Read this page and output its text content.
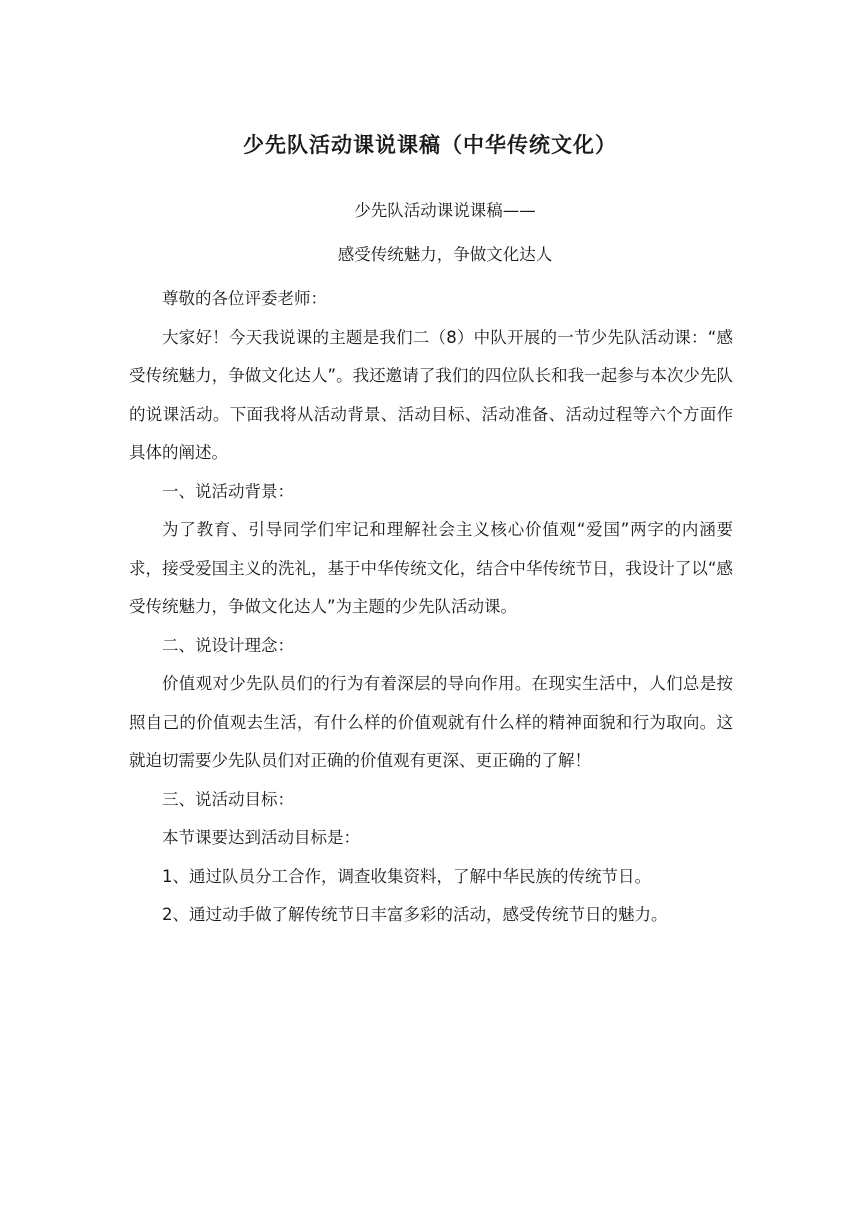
少先队活动课说课稿（中华传统文化）

少先队活动课说课稿——

感受传统魅力，争做文化达人

尊敬的各位评委老师：

大家好！今天我说课的主题是我们二（8）中队开展的一节少先队活动课：“感受传统魅力，争做文化达人”。我还邀请了我们的四位队长和我一起参与本次少先队的说课活动。下面我将从活动背景、活动目标、活动准备、活动过程等六个方面作具体的阐述。

一、说活动背景：

为了教育、引导同学们牢记和理解社会主义核心价值观“爱国”两字的内涵要求，接受爱国主义的洗礼，基于中华传统文化，结合中华传统节日，我设计了以“感受传统魅力，争做文化达人”为主题的少先队活动课。

二、说设计理念：

价值观对少先队员们的行为有着深层的导向作用。在现实生活中，人们总是按照自己的价值观去生活，有什么样的价值观就有什么样的精神面貌和行为取向。这就迫切需要少先队员们对正确的价值观有更深、更正确的了解！

三、说活动目标：

本节课要达到活动目标是：

1、通过队员分工合作，调查收集资料，了解中华民族的传统节日。

2、通过动手做了解传统节日丰富多彩的活动，感受传统节日的魅力。
